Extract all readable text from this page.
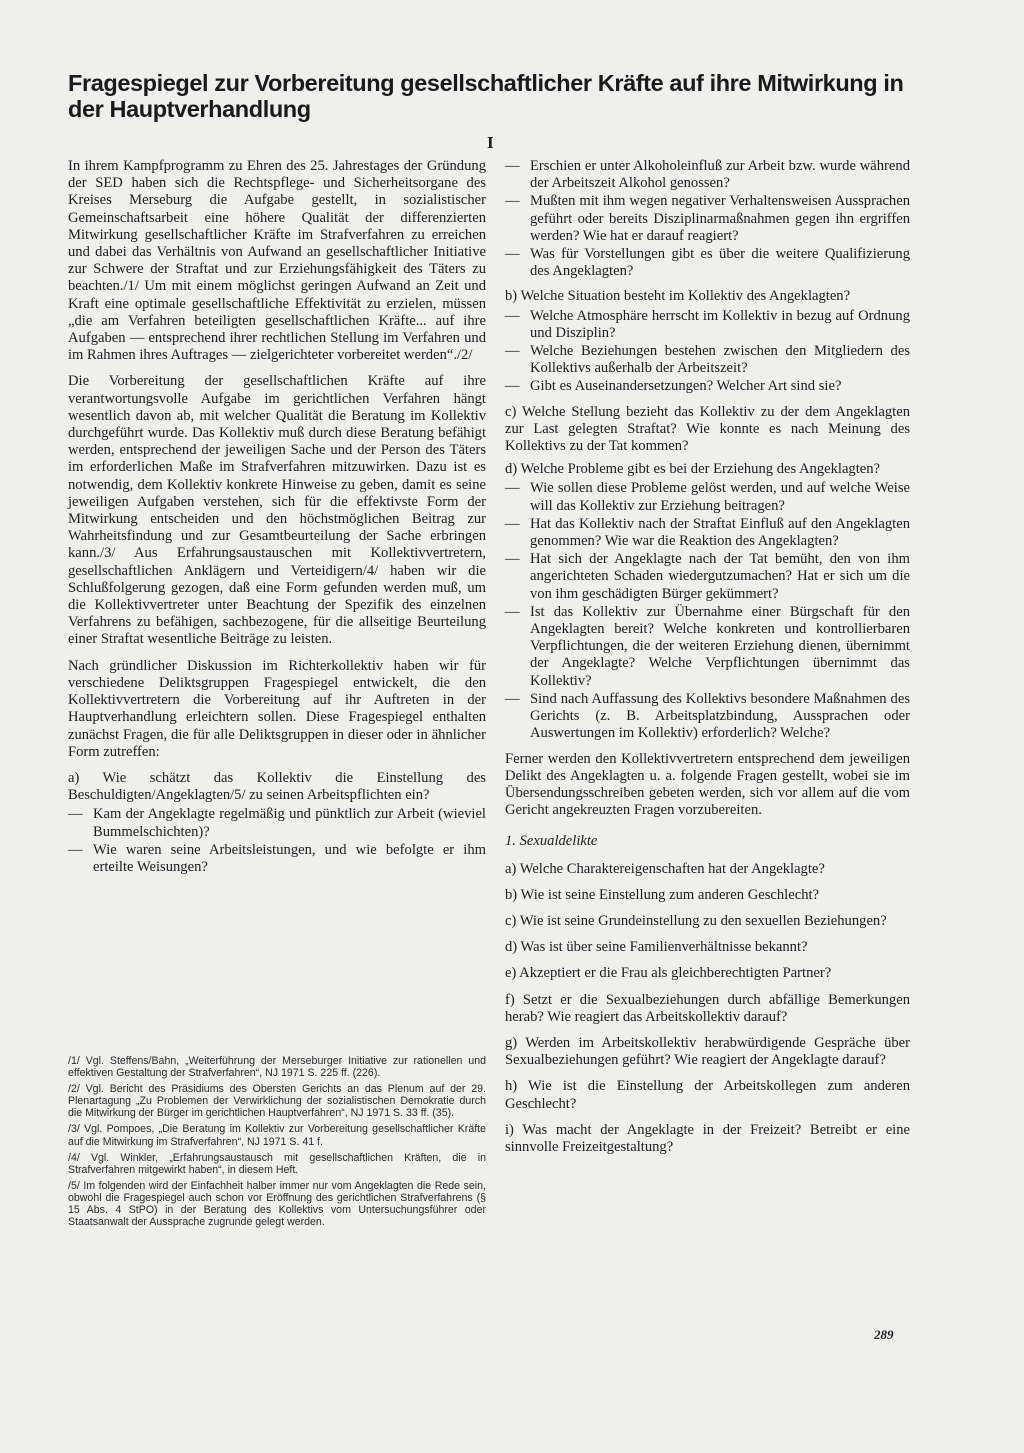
Fragespiegel zur Vorbereitung gesellschaftlicher Kräfte auf ihre Mitwirkung in der Hauptverhandlung
I

In ihrem Kampfprogramm zu Ehren des 25. Jahrestages der Gründung der SED haben sich die Rechtspflege- und Sicherheitsorgane des Kreises Merseburg die Aufgabe gestellt, in sozialistischer Gemeinschaftsarbeit eine höhere Qualität der differenzierten Mitwirkung gesellschaftlicher Kräfte im Strafverfahren zu erreichen und dabei das Verhältnis von Aufwand an gesellschaftlicher Initiative zur Schwere der Straftat und zur Erziehungsfähigkeit des Täters zu beachten./1/ Um mit einem möglichst geringen Aufwand an Zeit und Kraft eine optimale gesellschaftliche Effektivität zu erzielen, müssen „die am Verfahren beteiligten gesellschaftlichen Kräfte... auf ihre Aufgaben — entsprechend ihrer rechtlichen Stellung im Verfahren und im Rahmen ihres Auftrages — zielgerichteter vorbereitet werden“./2/

Die Vorbereitung der gesellschaftlichen Kräfte auf ihre verantwortungsvolle Aufgabe im gerichtlichen Verfahren hängt wesentlich davon ab, mit welcher Qualität die Beratung im Kollektiv durchgeführt wurde. Das Kollektiv muß durch diese Beratung befähigt werden, entsprechend der jeweiligen Sache und der Person des Täters im erforderlichen Maße im Strafverfahren mitzuwirken. Dazu ist es notwendig, dem Kollektiv konkrete Hinweise zu geben, damit es seine jeweiligen Aufgaben verstehen, sich für die effektivste Form der Mitwirkung entscheiden und den höchstmöglichen Beitrag zur Wahrheitsfindung und zur Gesamtbeurteilung der Sache erbringen kann./3/ Aus Erfahrungsaustauschen mit Kollektivvertretern, gesellschaftlichen Anklägern und Verteidigern/4/ haben wir die Schlußfolgerung gezogen, daß eine Form gefunden werden muß, um die Kollektivvertreter unter Beachtung der Spezifik des einzelnen Verfahrens zu befähigen, sachbezogene, für die allseitige Beurteilung einer Straftat wesentliche Beiträge zu leisten.

Nach gründlicher Diskussion im Richterkollektiv haben wir für verschiedene Deliktsgruppen Fragespiegel entwickelt, die den Kollektivvertretern die Vorbereitung auf ihr Auftreten in der Hauptverhandlung erleichtern sollen. Diese Fragespiegel enthalten zunächst Fragen, die für alle Deliktsgruppen in dieser oder in ähnlicher Form zutreffen:

a) Wie schätzt das Kollektiv die Einstellung des Beschuldigten/Angeklagten/5/ zu seinen Arbeitspflichten ein?

— Kam der Angeklagte regelmäßig und pünktlich zur Arbeit (wieviel Bummelschichten)?
— Wie waren seine Arbeitsleistungen, und wie befolgte er ihm erteilte Weisungen?

/1/ Vgl. Steffens/Bahn, „Weiterführung der Merseburger Initiative zur rationellen und effektiven Gestaltung der Strafverfahren“, NJ 1971 S. 225 ff. (226).

/2/ Vgl. Bericht des Präsidiums des Obersten Gerichts an das Plenum auf der 29. Plenartagung „Zu Problemen der Verwirklichung der sozialistischen Demokratie durch die Mitwirkung der Bürger im gerichtlichen Hauptverfahren“, NJ 1971 S. 33 ff. (35).

/3/ Vgl. Pompoes, „Die Beratung im Kollektiv zur Vorbereitung gesellschaftlicher Kräfte auf die Mitwirkung im Strafverfahren“, NJ 1971 S. 41 f.

/4/ Vgl. Winkler, „Erfahrungsaustausch mit gesellschaftlichen Kräften, die in Strafverfahren mitgewirkt haben“, in diesem Heft.

/5/ Im folgenden wird der Einfachheit halber immer nur vom Angeklagten die Rede sein, obwohl die Fragespiegel auch schon vor Eröffnung des gerichtlichen Strafverfahrens (§ 15 Abs. 4 StPO) in der Beratung des Kollektivs vom Untersuchungsführer oder Staatsanwalt der Aussprache zugrunde gelegt werden.

— Erschien er unter Alkoholeinfluß zur Arbeit bzw. wurde während der Arbeitszeit Alkohol genossen?
— Mußten mit ihm wegen negativer Verhaltensweisen Aussprachen geführt oder bereits Disziplinarmaßnahmen gegen ihn ergriffen werden? Wie hat er darauf reagiert?
— Was für Vorstellungen gibt es über die weitere Qualifizierung des Angeklagten?

b) Welche Situation besteht im Kollektiv des Angeklagten?

— Welche Atmosphäre herrscht im Kollektiv in bezug auf Ordnung und Disziplin?
— Welche Beziehungen bestehen zwischen den Mitgliedern des Kollektivs außerhalb der Arbeitszeit?
— Gibt es Auseinandersetzungen? Welcher Art sind sie?

c) Welche Stellung bezieht das Kollektiv zu der dem Angeklagten zur Last gelegten Straftat? Wie konnte es nach Meinung des Kollektivs zu der Tat kommen?

d) Welche Probleme gibt es bei der Erziehung des Angeklagten?

— Wie sollen diese Probleme gelöst werden, und auf welche Weise will das Kollektiv zur Erziehung beitragen?
— Hat das Kollektiv nach der Straftat Einfluß auf den Angeklagten genommen? Wie war die Reaktion des Angeklagten?
— Hat sich der Angeklagte nach der Tat bemüht, den von ihm angerichteten Schaden wiedergutzumachen? Hat er sich um die von ihm geschädigten Bürger gekümmert?
— Ist das Kollektiv zur Übernahme einer Bürgschaft für den Angeklagten bereit? Welche konkreten und kontrollierbaren Verpflichtungen, die der weiteren Erziehung dienen, übernimmt der Angeklagte? Welche Verpflichtungen übernimmt das Kollektiv?
— Sind nach Auffassung des Kollektivs besondere Maßnahmen des Gerichts (z. B. Arbeitsplatzbindung, Aussprachen oder Auswertungen im Kollektiv) erforderlich? Welche?

Ferner werden den Kollektivvertretern entsprechend dem jeweiligen Delikt des Angeklagten u. a. folgende Fragen gestellt, wobei sie im Übersendungsschreiben gebeten werden, sich vor allem auf die vom Gericht angekreuzten Fragen vorzubereiten.

1. Sexualdelikte

a) Welche Charaktereigenschaften hat der Angeklagte?

b) Wie ist seine Einstellung zum anderen Geschlecht?

c) Wie ist seine Grundeinstellung zu den sexuellen Beziehungen?

d) Was ist über seine Familienverhältnisse bekannt?

e) Akzeptiert er die Frau als gleichberechtigten Partner?

f) Setzt er die Sexualbeziehungen durch abfällige Bemerkungen herab? Wie reagiert das Arbeitskollektiv darauf?

g) Werden im Arbeitskollektiv herabwürdigende Gespräche über Sexualbeziehungen geführt? Wie reagiert der Angeklagte darauf?

h) Wie ist die Einstellung der Arbeitskollegen zum anderen Geschlecht?

i) Was macht der Angeklagte in der Freizeit? Betreibt er eine sinnvolle Freizeitgestaltung?

289
